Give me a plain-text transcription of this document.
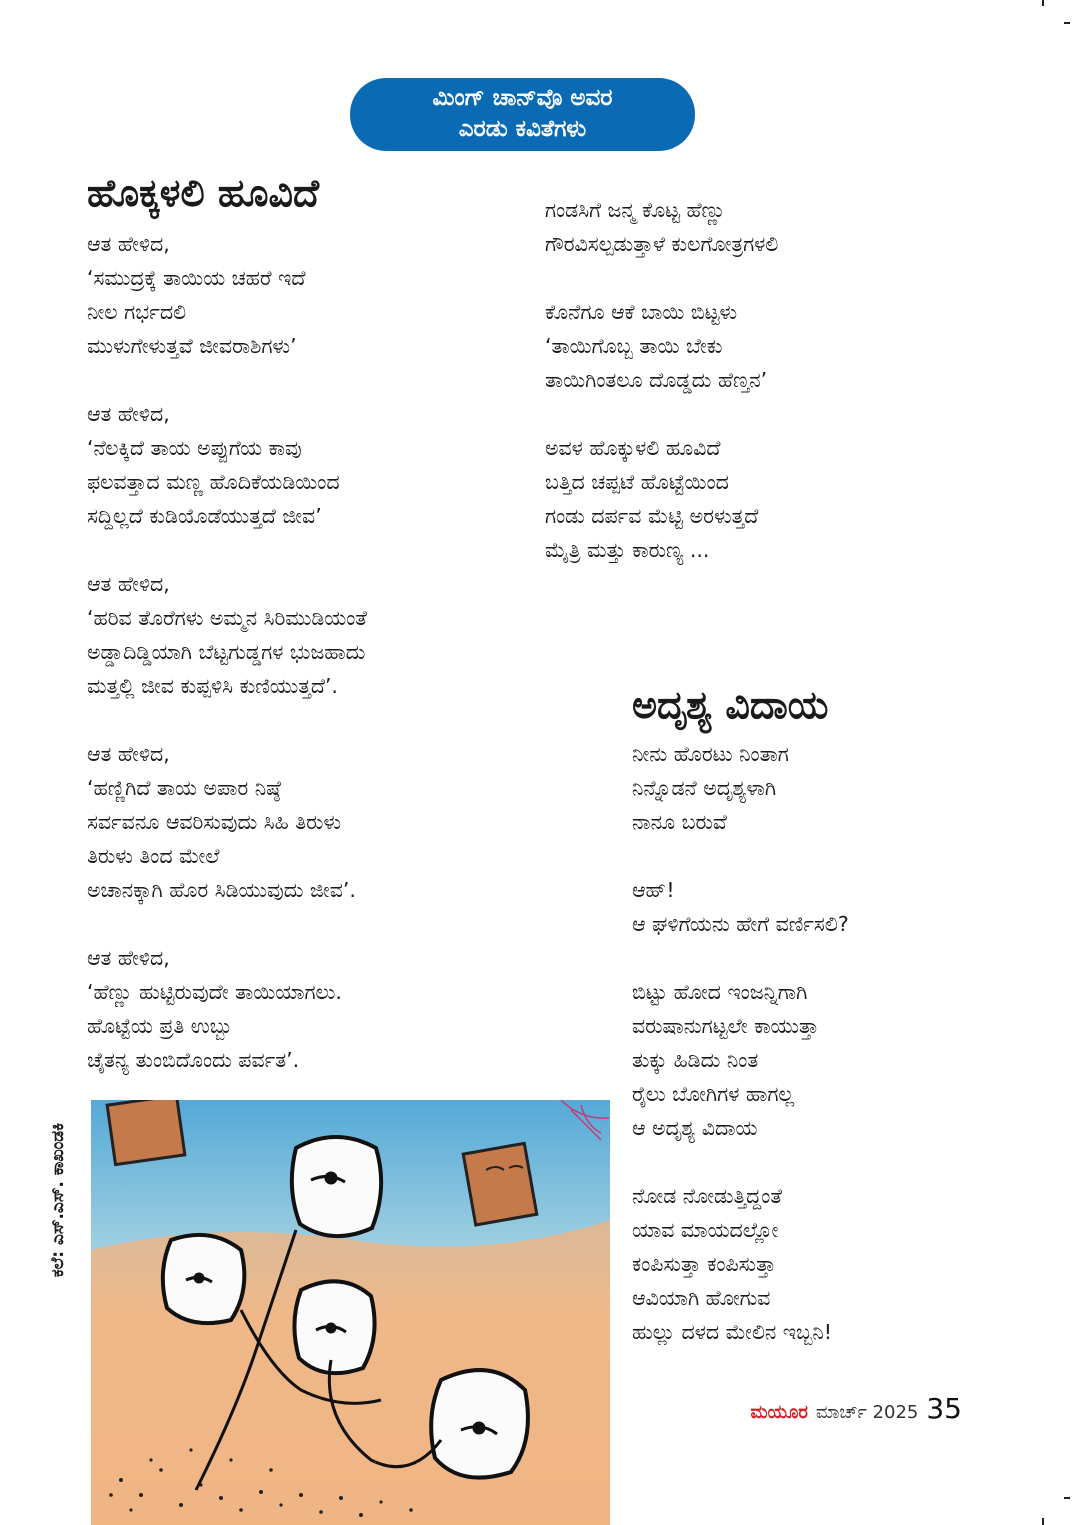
ಮಿಂಗ್ ಚಾನ್‌ವೊ ಅವರ
ಎರಡು ಕವಿತೆಗಳು
ಹೊಕ್ಕಳಲಿ ಹೂವಿದೆ
ಆತ ಹೇಳಿದ,
‘ಸಮುದ್ರಕ್ಕೆ ತಾಯಿಯ ಚಹರೆ ಇದೆ
ನೀಲ ಗರ್ಭದಲಿ
ಮುಳುಗೇಳುತ್ತವೆ ಜೀವರಾಶಿಗಳು’
ಆತ ಹೇಳಿದ,
‘ನೆಲಕ್ಕಿದೆ ತಾಯ ಅಪ್ಪುಗೆಯ ಕಾವು
ಫಲವತ್ತಾದ ಮಣ್ಣ ಹೊದಿಕೆಯಡಿಯಿಂದ
ಸದ್ದಿಲ್ಲದೆ ಕುಡಿಯೊಡೆಯುತ್ತದೆ ಜೀವ’
ಆತ ಹೇಳಿದ,
‘ಹರಿವ ತೊರೆಗಳು ಅಮ್ಮನ ಸಿರಿಮುಡಿಯಂತೆ
ಅಡ್ಡಾದಿಡ್ಡಿಯಾಗಿ ಬೆಟ್ಟಗುಡ್ಡಗಳ ಭುಜಹಾದು
ಮತ್ತಲ್ಲಿ ಜೀವ ಕುಪ್ಪಳಿಸಿ ಕುಣಿಯುತ್ತದೆ’.
ಆತ ಹೇಳಿದ,
‘ಹಣ್ಣಿಗಿದೆ ತಾಯ ಅಪಾರ ನಿಷ್ಠೆ
ಸರ್ವವನೂ ಆವರಿಸುವುದು ಸಿಹಿ ತಿರುಳು
ತಿರುಳು ತಿಂದ ಮೇಲೆ
ಅಚಾನಕ್ಕಾಗಿ ಹೊರ ಸಿಡಿಯುವುದು ಜೀವ’.
ಆತ ಹೇಳಿದ,
‘ಹೆಣ್ಣು ಹುಟ್ಟಿರುವುದೇ ತಾಯಿಯಾಗಲು.
ಹೊಟ್ಟೆಯ ಪ್ರತಿ ಉಬ್ಬು
ಚೈತನ್ಯ ತುಂಬಿದೊಂದು ಪರ್ವತ’.
ಗಂಡಸಿಗೆ ಜನ್ಮ ಕೊಟ್ಟ ಹೆಣ್ಣು
ಗೌರವಿಸಲ್ಪಡುತ್ತಾಳೆ ಕುಲಗೋತ್ರಗಳಲಿ
ಕೊನೆಗೂ ಆಕೆ ಬಾಯಿ ಬಿಟ್ಟಳು
‘ತಾಯಿಗೊಬ್ಬ ತಾಯಿ ಬೇಕು
ತಾಯಿಗಿಂತಲೂ ದೊಡ್ಡದು ಹೆಣ್ತನ’
ಅವಳ ಹೊಕ್ಕುಳಲಿ ಹೂವಿದೆ
ಬತ್ತಿದ ಚಪ್ಪಟೆ ಹೊಟ್ಟೆಯಿಂದ
ಗಂಡು ದರ್ಪವ ಮೆಟ್ಟಿ ಅರಳುತ್ತದೆ
ಮೈತ್ರಿ ಮತ್ತು ಕಾರುಣ್ಯ ...
ಅದೃಶ್ಯ ವಿದಾಯ
ನೀನು ಹೊರಟು ನಿಂತಾಗ
ನಿನ್ನೊಡನೆ ಅದೃಶ್ಯಳಾಗಿ
ನಾನೂ ಬರುವೆ
ಆಹ್!
ಆ ಘಳಿಗೆಯನು ಹೇಗೆ ವರ್ಣಿಸಲಿ?
ಬಿಟ್ಟು ಹೋದ ಇಂಜನ್ನಿಗಾಗಿ
ವರುಷಾನುಗಟ್ಟಲೇ ಕಾಯುತ್ತಾ
ತುಕ್ಕು ಹಿಡಿದು ನಿಂತ
ರೈಲು ಬೋಗಿಗಳ ಹಾಗಲ್ಲ
ಆ ಅದೃಶ್ಯ ವಿದಾಯ
ನೋಡ ನೋಡುತ್ತಿದ್ದಂತೆ
ಯಾವ ಮಾಯದಲ್ಲೋ
ಕಂಪಿಸುತ್ತಾ ಕಂಪಿಸುತ್ತಾ
ಆವಿಯಾಗಿ ಹೋಗುವ
ಹುಲ್ಲು ದಳದ ಮೇಲಿನ ಇಬ್ಬನಿ!
ಕಲೆ: ಎಸ್.ಎಸ್. ಕಾಖಂಡಕಿ
ಮಯೂರ ಮಾರ್ಚ್ 2025 35
